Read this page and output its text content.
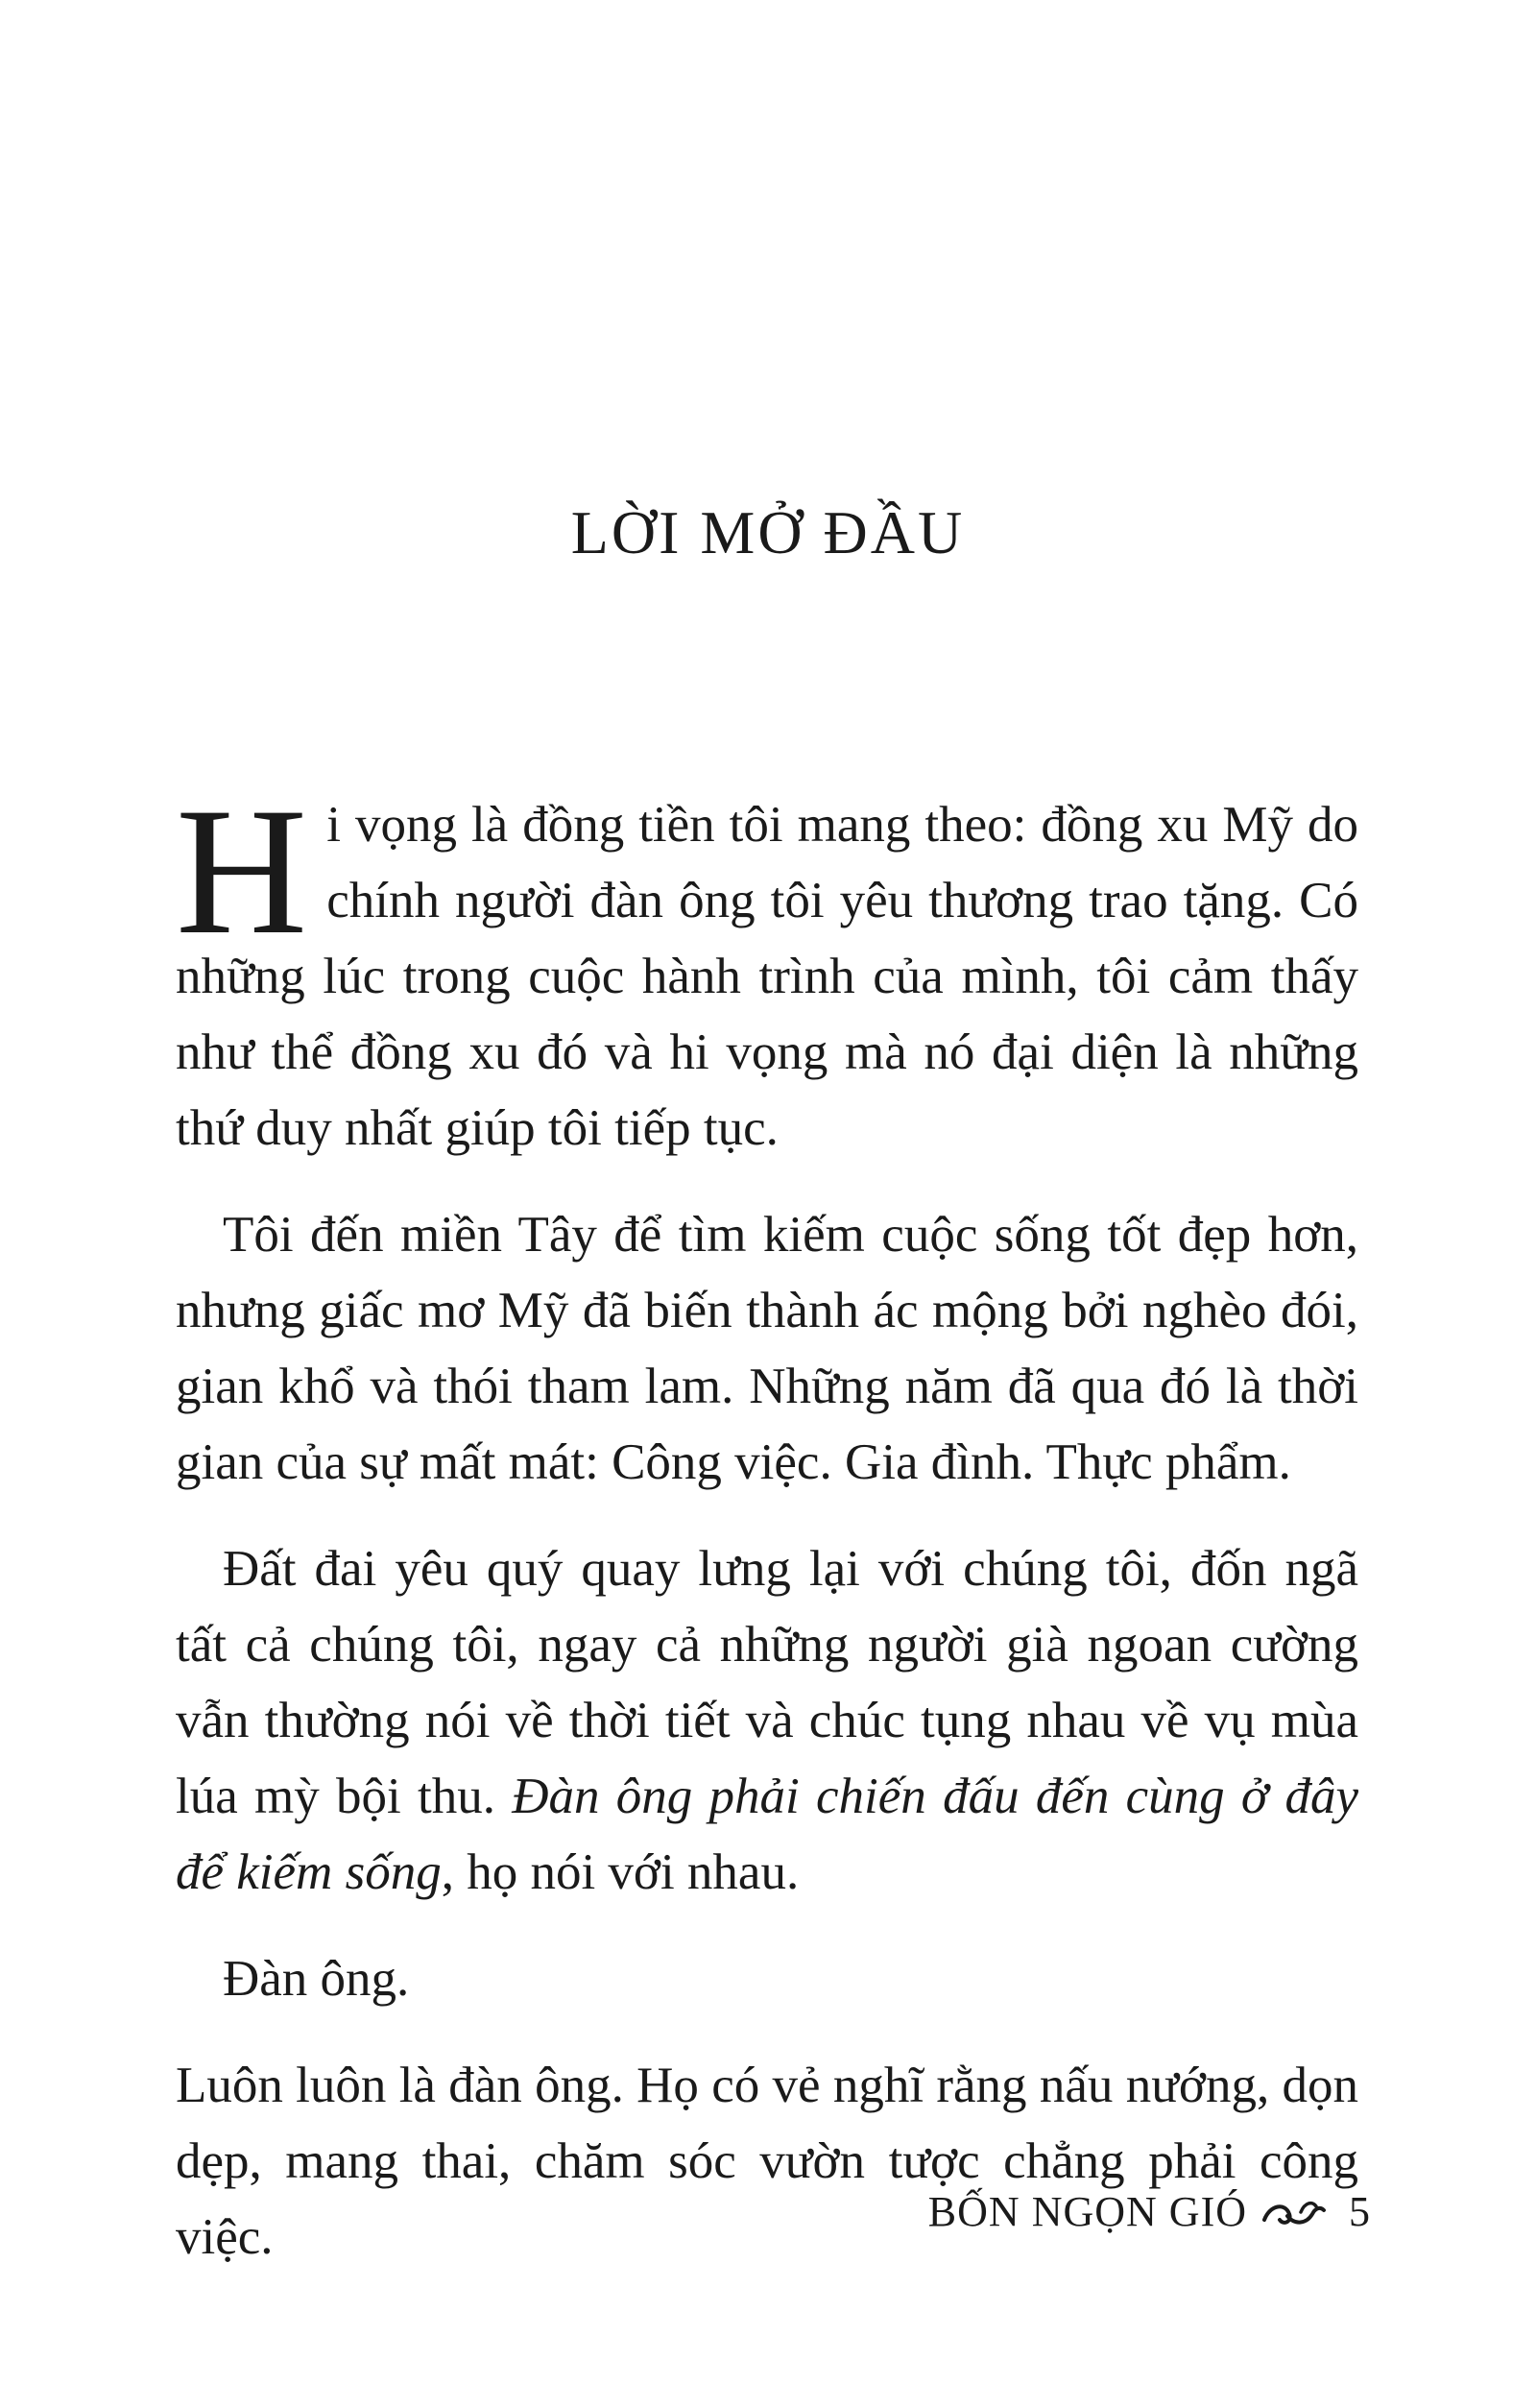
LỜI MỞ ĐẦU

Hi vọng là đồng tiền tôi mang theo: đồng xu Mỹ do chính người đàn ông tôi yêu thương trao tặng. Có những lúc trong cuộc hành trình của mình, tôi cảm thấy như thể đồng xu đó và hi vọng mà nó đại diện là những thứ duy nhất giúp tôi tiếp tục.

Tôi đến miền Tây để tìm kiếm cuộc sống tốt đẹp hơn, nhưng giấc mơ Mỹ đã biến thành ác mộng bởi nghèo đói, gian khổ và thói tham lam. Những năm đã qua đó là thời gian của sự mất mát: Công việc. Gia đình. Thực phẩm.

Đất đai yêu quý quay lưng lại với chúng tôi, đốn ngã tất cả chúng tôi, ngay cả những người già ngoan cường vẫn thường nói về thời tiết và chúc tụng nhau về vụ mùa lúa mỳ bội thu. Đàn ông phải chiến đấu đến cùng ở đây để kiếm sống, họ nói với nhau.

Đàn ông.

Luôn luôn là đàn ông. Họ có vẻ nghĩ rằng nấu nướng, dọn dẹp, mang thai, chăm sóc vườn tược chẳng phải công việc.	BỐN NGỌN GIÓ 5
